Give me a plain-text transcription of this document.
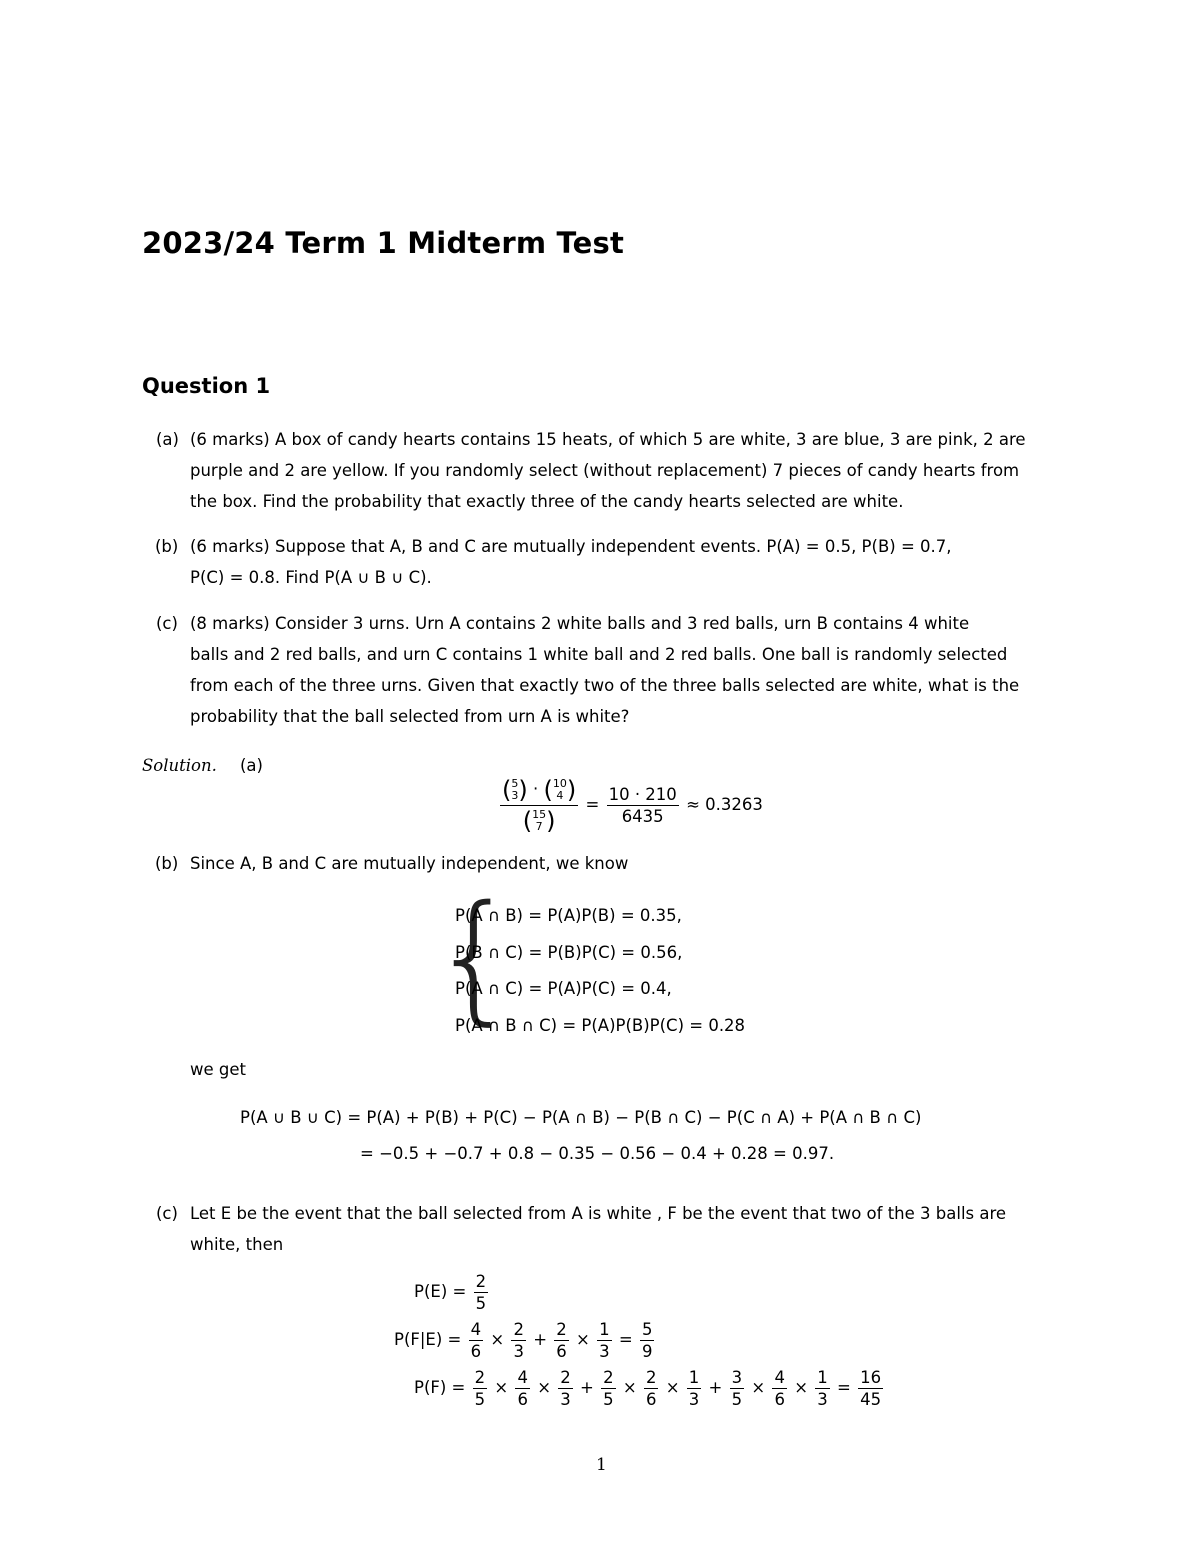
2023/24 Term 1 Midterm Test
Question 1
(a) (6 marks) A box of candy hearts contains 15 heats, of which 5 are white, 3 are blue, 3 are pink, 2 are
purple and 2 are yellow. If you randomly select (without replacement) 7 pieces of candy hearts from
the box. Find the probability that exactly three of the candy hearts selected are white.
(b) (6 marks) Suppose that A, B and C are mutually independent events. P(A) = 0.5, P(B) = 0.7,
P(C) = 0.8. Find P(A ∪ B ∪ C).
(c) (8 marks) Consider 3 urns. Urn A contains 2 white balls and 3 red balls, urn B contains 4 white
balls and 2 red balls, and urn C contains 1 white ball and 2 red balls. One ball is randomly selected
from each of the three urns. Given that exactly two of the three balls selected are white, what is the
probability that the ball selected from urn A is white?
Solution. (a)
(5
3) · (10
4 )
(15
7 )
= $\frac{10 \cdot 210}{6435} \approx 0.3263$
(b) Since A, B and C are mutually independent, we know
{
P(A ∩ B) = P(A)P(B) = 0.35,
P(B ∩ C) = P(B)P(C) = 0.56,
P(A ∩ C) = P(A)P(C) = 0.4,
P(A ∩ B ∩ C) = P(A)P(B)P(C) = 0.28
we get
P(A ∪ B ∪ C) = P(A) + P(B) + P(C) − P(A ∩ B) − P(B ∩ C) − P(C ∩ A) + P(A ∩ B ∩ C)
= −0.5 + −0.7 + 0.8 − 0.35 − 0.56 − 0.4 + 0.28 = 0.97.
(c) Let E be the event that the ball selected from A is white , F be the event that two of the 3 balls are
white, then
$P(E) = \frac{2}{5}$
$P(F|E) = \frac{4}{6} \times \frac{2}{3} + \frac{2}{6} \times \frac{1}{3} = \frac{5}{9}$
$P(F) = \frac{2}{5} \times \frac{4}{6} \times \frac{2}{3} + \frac{2}{5} \times \frac{2}{6} \times \frac{1}{3} + \frac{3}{5} \times \frac{4}{6} \times \frac{1}{3} = \frac{16}{45}$
1
